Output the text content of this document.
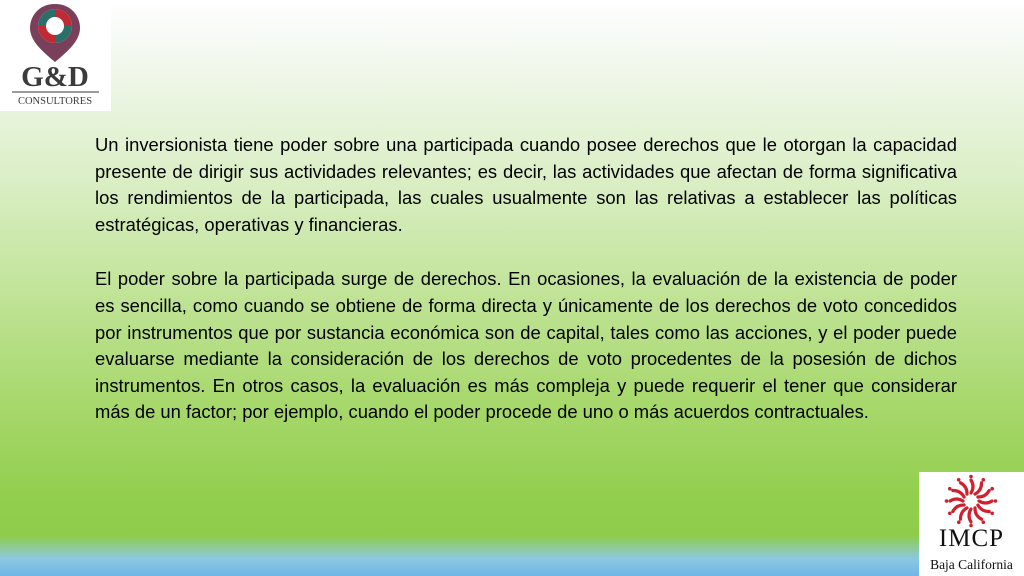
G&D
CONSULTORES

Un inversionista tiene poder sobre una participada cuando posee derechos que le otorgan la capacidad presente de dirigir sus actividades relevantes; es decir, las actividades que afectan de forma significativa los rendimientos de la participada, las cuales usualmente son las relativas a establecer las políticas estratégicas, operativas y financieras.

El poder sobre la participada surge de derechos. En ocasiones, la evaluación de la existencia de poder es sencilla, como cuando se obtiene de forma directa y únicamente de los derechos de voto concedidos por instrumentos que por sustancia económica son de capital, tales como las acciones, y el poder puede evaluarse mediante la consideración de los derechos de voto procedentes de la posesión de dichos instrumentos. En otros casos, la evaluación es más compleja y puede requerir el tener que considerar más de un factor; por ejemplo, cuando el poder procede de uno o más acuerdos contractuales.

IMCP
Baja California
